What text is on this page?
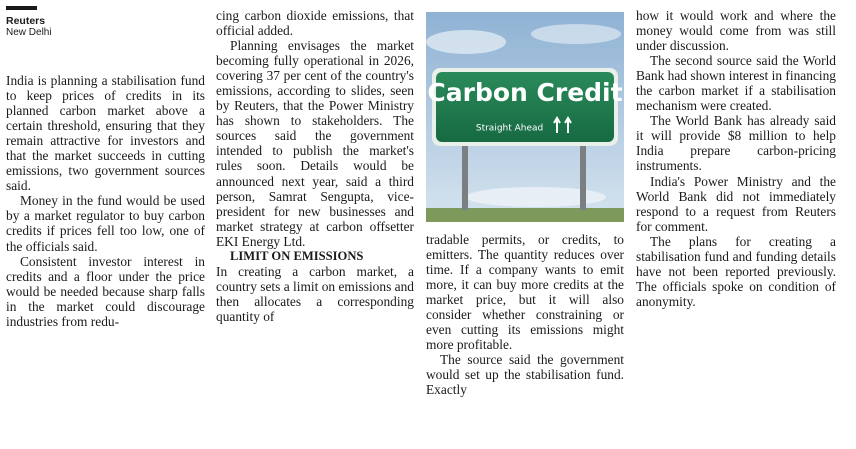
Reuters
New Delhi

India is planning a stabilisation fund to keep prices of credits in its planned carbon market above a certain threshold, ensuring that they remain attractive for investors and that the market succeeds in cutting emissions, two government sources said.

Money in the fund would be used by a market regulator to buy carbon credits if prices fell too low, one of the officials said.

Consistent investor interest in credits and a floor under the price would be needed because sharp falls in the market could discourage industries from redu-

cing carbon dioxide emissions, that official added.

Planning envisages the market becoming fully operational in 2026, covering 37 per cent of the country's emissions, according to slides, seen by Reuters, that the Power Ministry has shown to stakeholders. The sources said the government intended to publish the market's rules soon. Details would be announced next year, said a third person, Samrat Sengupta, vice-president for new businesses and market strategy at carbon offsetter EKI Energy Ltd.

LIMIT ON EMISSIONS

In creating a carbon market, a country sets a limit on emissions and then allocates a corresponding quantity of

Carbon Credit
Straight Ahead

tradable permits, or credits, to emitters. The quantity reduces over time. If a company wants to emit more, it can buy more credits at the market price, but it will also consider whether constraining or even cutting its emissions might more profitable.

The source said the government would set up the stabilisation fund. Exactly

how it would work and where the money would come from was still under discussion.

The second source said the World Bank had shown interest in financing the carbon market if a stabilisation mechanism were created.

The World Bank has already said it will provide $8 million to help India prepare carbon-pricing instruments.

India's Power Ministry and the World Bank did not immediately respond to a request from Reuters for comment.

The plans for creating a stabilisation fund and funding details have not been reported previously. The officials spoke on condition of anonymity.
